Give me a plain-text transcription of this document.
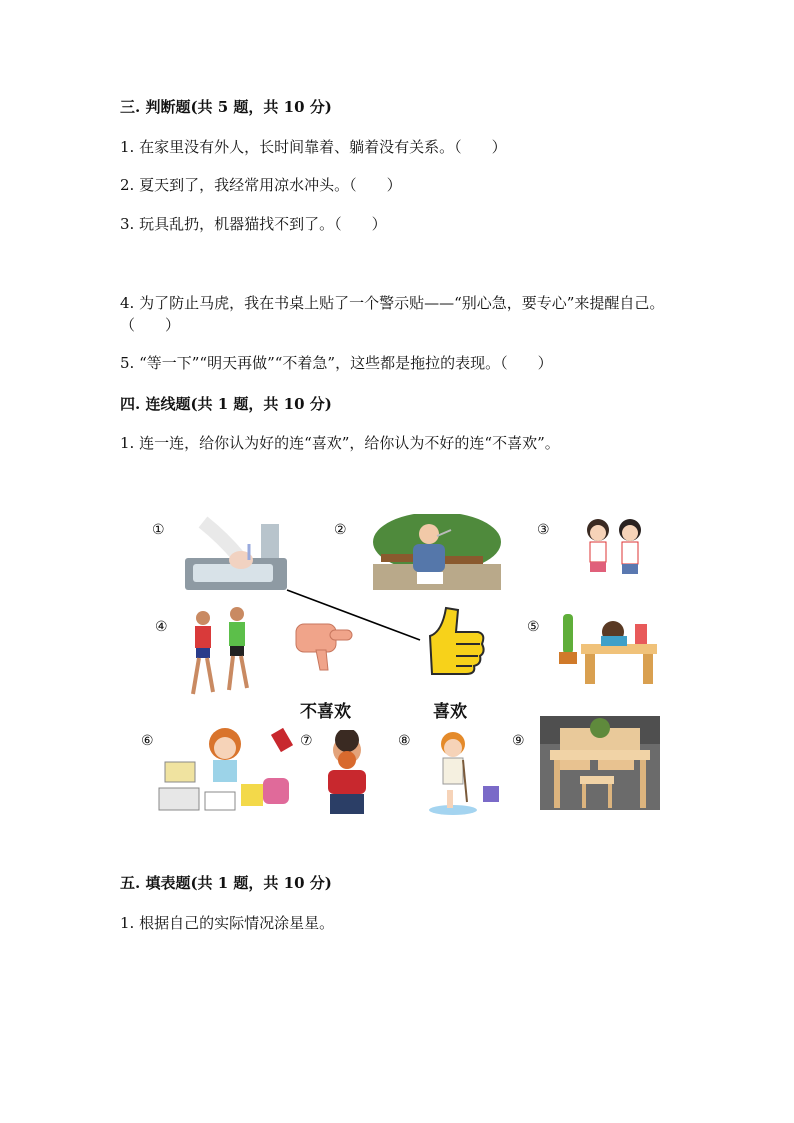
三. 判断题(共 5 题，共 10 分)
1. 在家里没有外人，长时间靠着、躺着没有关系。（　　）
2. 夏天到了，我经常用凉水冲头。（　　）
3. 玩具乱扔，机器猫找不到了。（　　）
4. 为了防止马虎，我在书桌上贴了一个警示贴——“别心急，要专心”来提醒自己。（　　）
5. “等一下”“明天再做”“不着急”，这些都是拖拉的表现。（　　）
四. 连线题(共 1 题，共 10 分)
1. 连一连，给你认为好的连“喜欢”，给你认为不好的连“不喜欢”。
①	②	③
④	⑤
⑥	⑦	⑧	⑨
不喜欢	喜欢
五. 填表题(共 1 题，共 10 分)
1. 根据自己的实际情况涂星星。
